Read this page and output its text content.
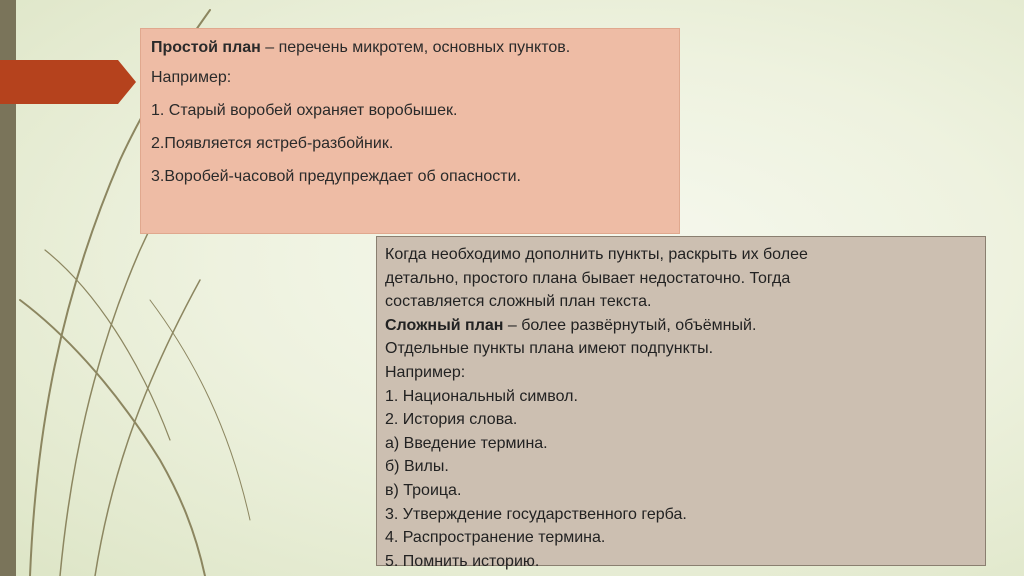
Простой план – перечень микротем, основных пунктов.

Например:

1. Старый воробей охраняет воробышек.

2.Появляется ястреб-разбойник.

3.Воробей-часовой предупреждает об опасности.

Когда необходимо дополнить пункты, раскрыть их более
детально, простого плана бывает недостаточно. Тогда
составляется сложный план текста.
Сложный план – более развёрнутый, объёмный.
Отдельные пункты плана имеют подпункты.
Например:
1. Национальный символ.
2. История слова.
а) Введение термина.
б) Вилы.
в) Троица.
3. Утверждение государственного герба.
4. Распространение термина.
5. Помнить историю.
